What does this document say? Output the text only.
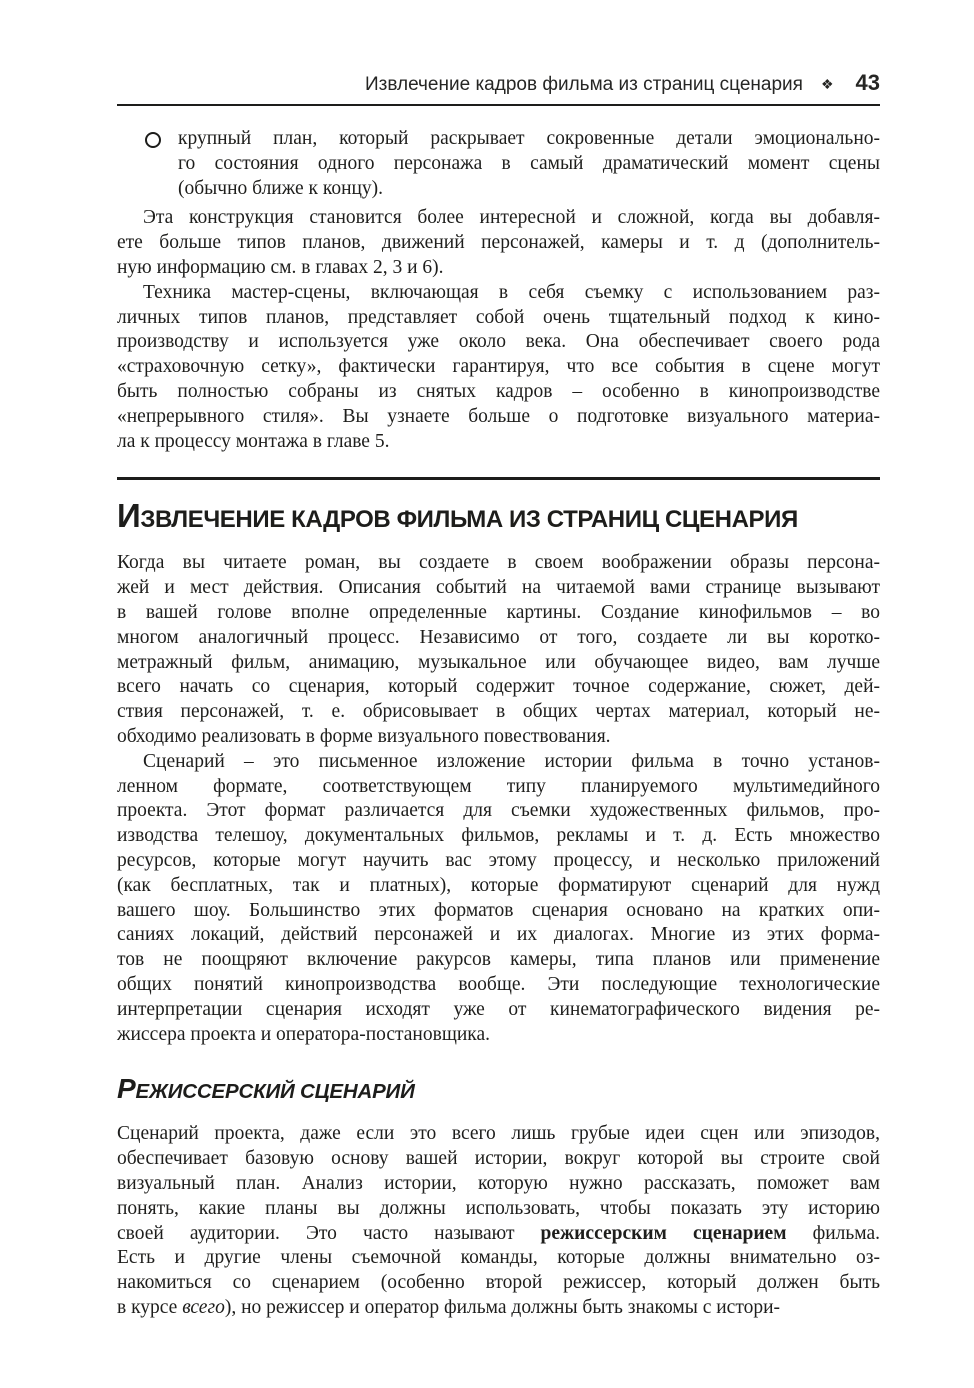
Извлечение кадров фильма из страниц сценария ❖ 43
крупный план, который раскрывает сокровенные детали эмоционально-
го состояния одного персонажа в самый драматический момент сцены
(обычно ближе к концу).
Эта конструкция становится более интересной и сложной, когда вы добавля-
ете больше типов планов, движений персонажей, камеры и т. д (дополнитель-
ную информацию см. в главах 2, 3 и 6).
Техника мастер-сцены, включающая в себя съемку с использованием раз-
личных типов планов, представляет собой очень тщательный подход к кино-
производству и используется уже около века. Она обеспечивает своего рода
«страховочную сетку», фактически гарантируя, что все события в сцене могут
быть полностью собраны из снятых кадров – особенно в кинопроизводстве
«непрерывного стиля». Вы узнаете больше о подготовке визуального материа-
ла к процессу монтажа в главе 5.
ИЗВЛЕЧЕНИЕ КАДРОВ ФИЛЬМА ИЗ СТРАНИЦ СЦЕНАРИЯ
Когда вы читаете роман, вы создаете в своем воображении образы персона-
жей и мест действия. Описания событий на читаемой вами странице вызывают
в вашей голове вполне определенные картины. Создание кинофильмов – во
многом аналогичный процесс. Независимо от того, создаете ли вы коротко-
метражный фильм, анимацию, музыкальное или обучающее видео, вам лучше
всего начать со сценария, который содержит точное содержание, сюжет, дей-
ствия персонажей, т. е. обрисовывает в общих чертах материал, который не-
обходимо реализовать в форме визуального повествования.
Сценарий – это письменное изложение истории фильма в точно установ-
ленном формате, соответствующем типу планируемого мультимедийного
проекта. Этот формат различается для съемки художественных фильмов, про-
изводства телешоу, документальных фильмов, рекламы и т. д. Есть множество
ресурсов, которые могут научить вас этому процессу, и несколько приложений
(как бесплатных, так и платных), которые форматируют сценарий для нужд
вашего шоу. Большинство этих форматов сценария основано на кратких опи-
саниях локаций, действий персонажей и их диалогах. Многие из этих форма-
тов не поощряют включение ракурсов камеры, типа планов или применение
общих понятий кинопроизводства вообще. Эти последующие технологические
интерпретации сценария исходят уже от кинематографического видения ре-
жиссера проекта и оператора-постановщика.
РЕЖИССЕРСКИЙ СЦЕНАРИЙ
Сценарий проекта, даже если это всего лишь грубые идеи сцен или эпизодов,
обеспечивает базовую основу вашей истории, вокруг которой вы строите свой
визуальный план. Анализ истории, которую нужно рассказать, поможет вам
понять, какие планы вы должны использовать, чтобы показать эту историю
своей аудитории. Это часто называют режиссерским сценарием фильма.
Есть и другие члены съемочной команды, которые должны внимательно оз-
накомиться со сценарием (особенно второй режиссер, который должен быть
в курсе всего), но режиссер и оператор фильма должны быть знакомы с истори-
